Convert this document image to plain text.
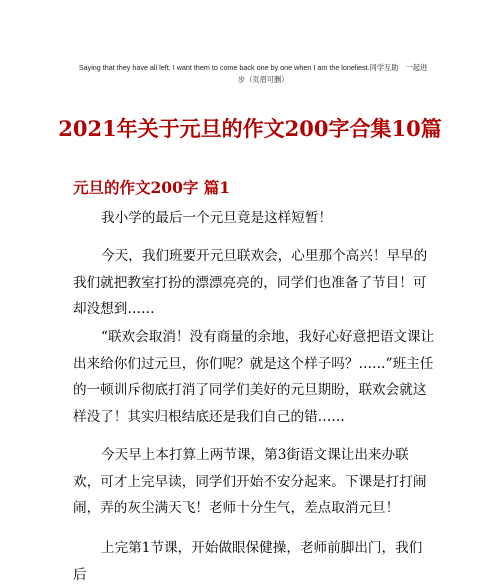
Saying that they have all left, I want them to come back one by one when I am the loneliest.同学互助　一起进
步（页眉可删）
2021年关于元旦的作文200字合集10篇
元旦的作文200字 篇1

我小学的最后一个元旦竟是这样短暂！

今天，我们班要开元旦联欢会，心里那个高兴！早早的我们就把教室打扮的漂漂亮亮的，同学们也准备了节目！可却没想到……

“联欢会取消！没有商量的余地，我好心好意把语文课让出来给你们过元旦，你们呢？就是这个样子吗？……”班主任的一顿训斥彻底打消了同学们美好的元旦期盼，联欢会就这样没了！其实归根结底还是我们自己的错……

今天早上本打算上两节课，第3街语文课让出来办联欢，可才上完早读，同学们开始不安分起来。下课是打打闹闹，弄的灰尘满天飞！老师十分生气，差点取消元旦！

上完第1节课，开始做眼保健操，老师前脚出门，我们后
